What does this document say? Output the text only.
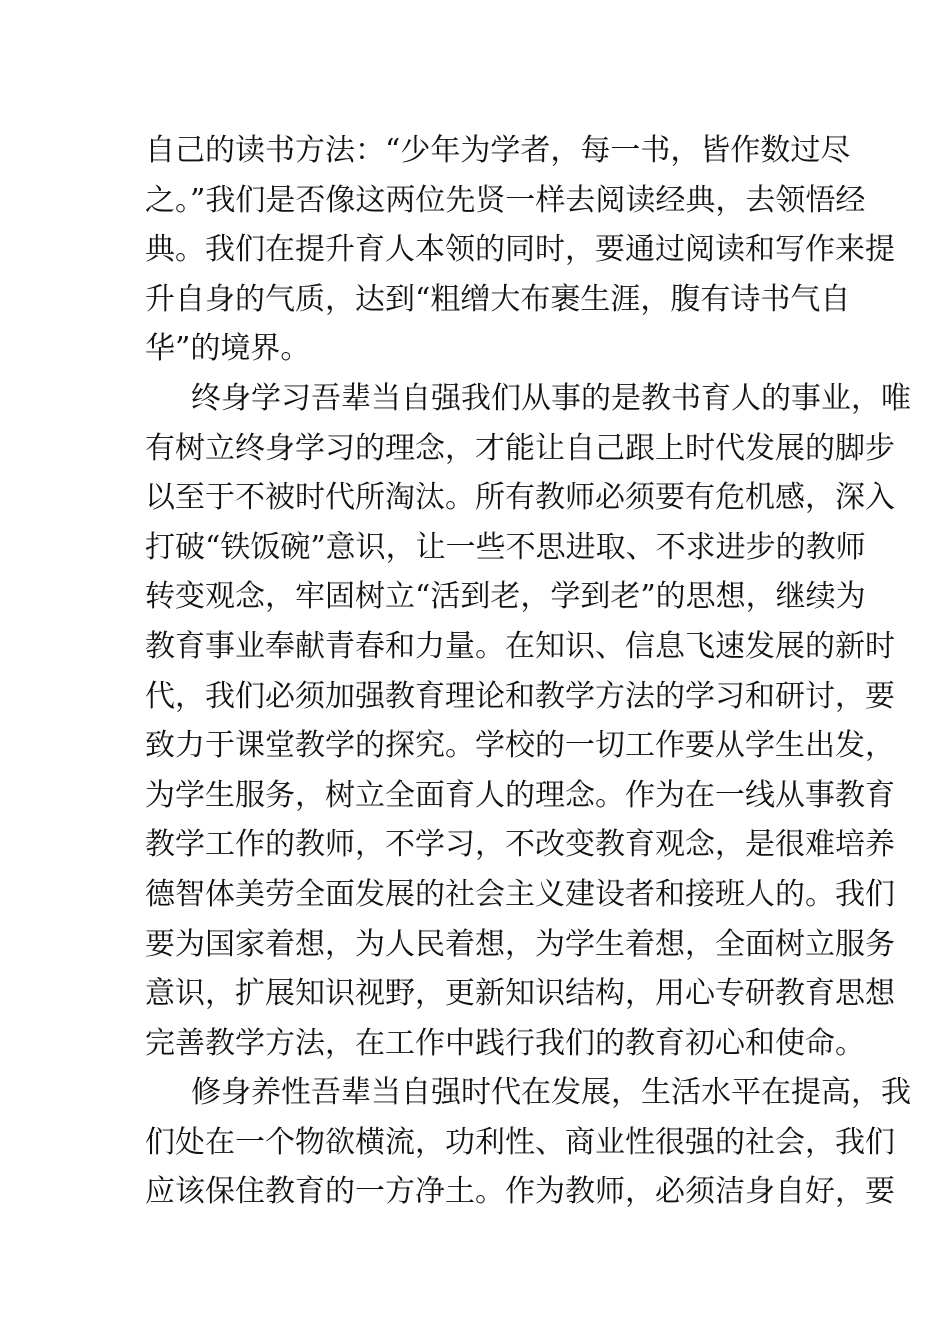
自己的读书方法：“少年为学者，每一书，皆作数过尽
之。”我们是否像这两位先贤一样去阅读经典，去领悟经
典。我们在提升育人本领的同时，要通过阅读和写作来提
升自身的气质，达到“粗缯大布裹生涯，腹有诗书气自
华”的境界。
终身学习吾辈当自强我们从事的是教书育人的事业，唯
有树立终身学习的理念，才能让自己跟上时代发展的脚步
以至于不被时代所淘汰。所有教师必须要有危机感，深入
打破“铁饭碗”意识，让一些不思进取、不求进步的教师
转变观念，牢固树立“活到老，学到老”的思想，继续为
教育事业奉献青春和力量。在知识、信息飞速发展的新时
代，我们必须加强教育理论和教学方法的学习和研讨，要
致力于课堂教学的探究。学校的一切工作要从学生出发，
为学生服务，树立全面育人的理念。作为在一线从事教育
教学工作的教师，不学习，不改变教育观念，是很难培养
德智体美劳全面发展的社会主义建设者和接班人的。我们
要为国家着想，为人民着想，为学生着想，全面树立服务
意识，扩展知识视野，更新知识结构，用心专研教育思想
完善教学方法，在工作中践行我们的教育初心和使命。
修身养性吾辈当自强时代在发展，生活水平在提高，我
们处在一个物欲横流，功利性、商业性很强的社会，我们
应该保住教育的一方净土。作为教师，必须洁身自好，要
